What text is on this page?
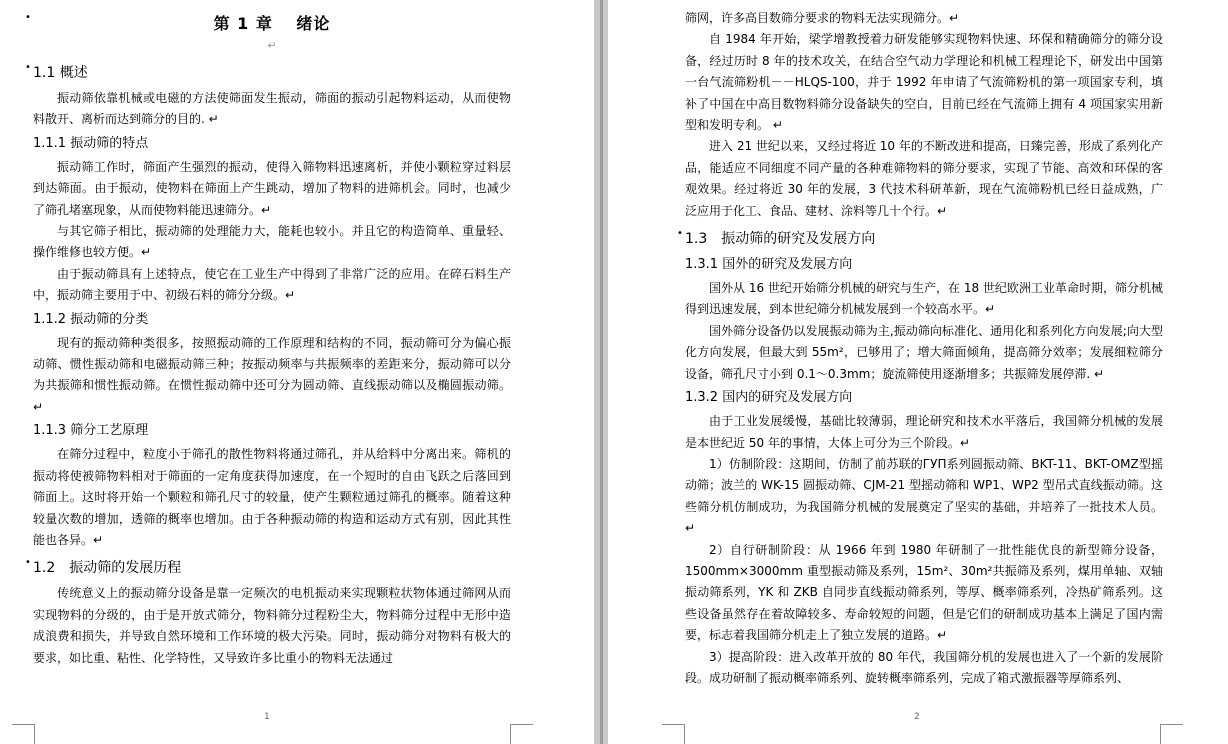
•	第 1 章　 绪论

↵

• 1.1 概述

振动筛依靠机械或电磁的方法使筛面发生振动，筛面的振动引起物料运动，从而使物料散开、离析而达到筛分的目的. ↵

1.1.1 振动筛的特点

振动筛工作时，筛面产生强烈的振动，使得入筛物料迅速离析，并使小颗粒穿过料层到达筛面。由于振动，使物料在筛面上产生跳动，增加了物料的进筛机会。同时，也减少了筛孔堵塞现象，从而使物料能迅速筛分。↵

与其它筛子相比，振动筛的处理能力大，能耗也较小。并且它的构造简单、重量轻、操作维修也较方便。↵

由于振动筛具有上述特点，使它在工业生产中得到了非常广泛的应用。在碎石料生产中，振动筛主要用于中、初级石料的筛分分级。↵

1.1.2 振动筛的分类

现有的振动筛种类很多，按照振动筛的工作原理和结构的不同，振动筛可分为偏心振动筛、惯性振动筛和电磁振动筛三种；按振动频率与共振频率的差距来分，振动筛可以分为共振筛和惯性振动筛。在惯性振动筛中还可分为圆动筛、直线振动筛以及椭圆振动筛。↵

1.1.3 筛分工艺原理

在筛分过程中，粒度小于筛孔的散性物料将通过筛孔，并从给料中分离出来。筛机的振动将使被筛物料相对于筛面的一定角度获得加速度，在一个短时的自由飞跃之后落回到筛面上。这时将开始一个颗粒和筛孔尺寸的较量，使产生颗粒通过筛孔的概率。随着这种较量次数的增加，透筛的概率也增加。由于各种振动筛的构造和运动方式有别，因此其性能也各异。↵

• 1.2　振动筛的发展历程

传统意义上的振动筛分设备是靠一定频次的电机振动来实现颗粒状物体通过筛网从而实现物料的分级的，由于是开放式筛分，物料筛分过程粉尘大，物料筛分过程中无形中造成浪费和损失，并导致自然环境和工作环境的极大污染。同时，振动筛分对物料有极大的要求，如比重、粘性、化学特性，又导致许多比重小的物料无法通过

1

筛网，许多高目数筛分要求的物料无法实现筛分。↵

自 1984 年开始，梁学增教授着力研发能够实现物料快速、环保和精确筛分的筛分设备，经过历时 8 年的技术攻关，在结合空气动力学理论和机械工程理论下，研发出中国第一台气流筛粉机－－HLQS-100，并于 1992 年申请了气流筛粉机的第一项国家专利，填补了中国在中高目数物料筛分设备缺失的空白，目前已经在气流筛上拥有 4 项国家实用新型和发明专利。 ↵

进入 21 世纪以来，又经过将近 10 年的不断改进和提高，日臻完善，形成了系列化产品，能适应不同细度不同产量的各种难筛物料的筛分要求，实现了节能、高效和环保的客观效果。经过将近 30 年的发展，3 代技术科研革新，现在气流筛粉机已经日益成熟，广泛应用于化工、食品、建材、涂料等几十个行。↵

• 1.3　振动筛的研究及发展方向

1.3.1 国外的研究及发展方向

国外从 16 世纪开始筛分机械的研究与生产，在 18 世纪欧洲工业革命时期，筛分机械得到迅速发展，到本世纪筛分机械发展到一个较高水平。↵

国外筛分设备仍以发展振动筛为主,振动筛向标准化、通用化和系列化方向发展;向大型化方向发展，但最大到 55m²，已够用了；增大筛面倾角，提高筛分效率；发展细粒筛分设备，筛孔尺寸小到 0.1～0.3mm；旋流筛使用逐渐增多；共振筛发展停滞. ↵

1.3.2 国内的研究及发展方向

由于工业发展缓慢，基础比较薄弱，理论研究和技术水平落后，我国筛分机械的发展是本世纪近 50 年的事情，大体上可分为三个阶段。↵

1）仿制阶段：这期间，仿制了前苏联的ГУП系列圆振动筛、BKT-11、BKT-OMZ型摇动筛；波兰的 WK-15 圆振动筛、CJM-21 型摇动筛和 WP1、WP2 型吊式直线振动筛。这些筛分机仿制成功，为我国筛分机械的发展奠定了坚实的基础，并培养了一批技术人员。↵

2）自行研制阶段：从 1966 年到 1980 年研制了一批性能优良的新型筛分设备，1500mm×3000mm 重型振动筛及系列，15m²、30m²共振筛及系列，煤用单轴、双轴振动筛系列，YK 和 ZKB 自同步直线振动筛系列，等厚、概率筛系列，冷热矿筛系列。这些设备虽然存在着故障较多、寿命较短的问题，但是它们的研制成功基本上满足了国内需要，标志着我国筛分机走上了独立发展的道路。↵

3）提高阶段：进入改革开放的 80 年代，我国筛分机的发展也进入了一个新的发展阶段。成功研制了振动概率筛系列、旋转概率筛系列，完成了箱式激振器等厚筛系列、

2
